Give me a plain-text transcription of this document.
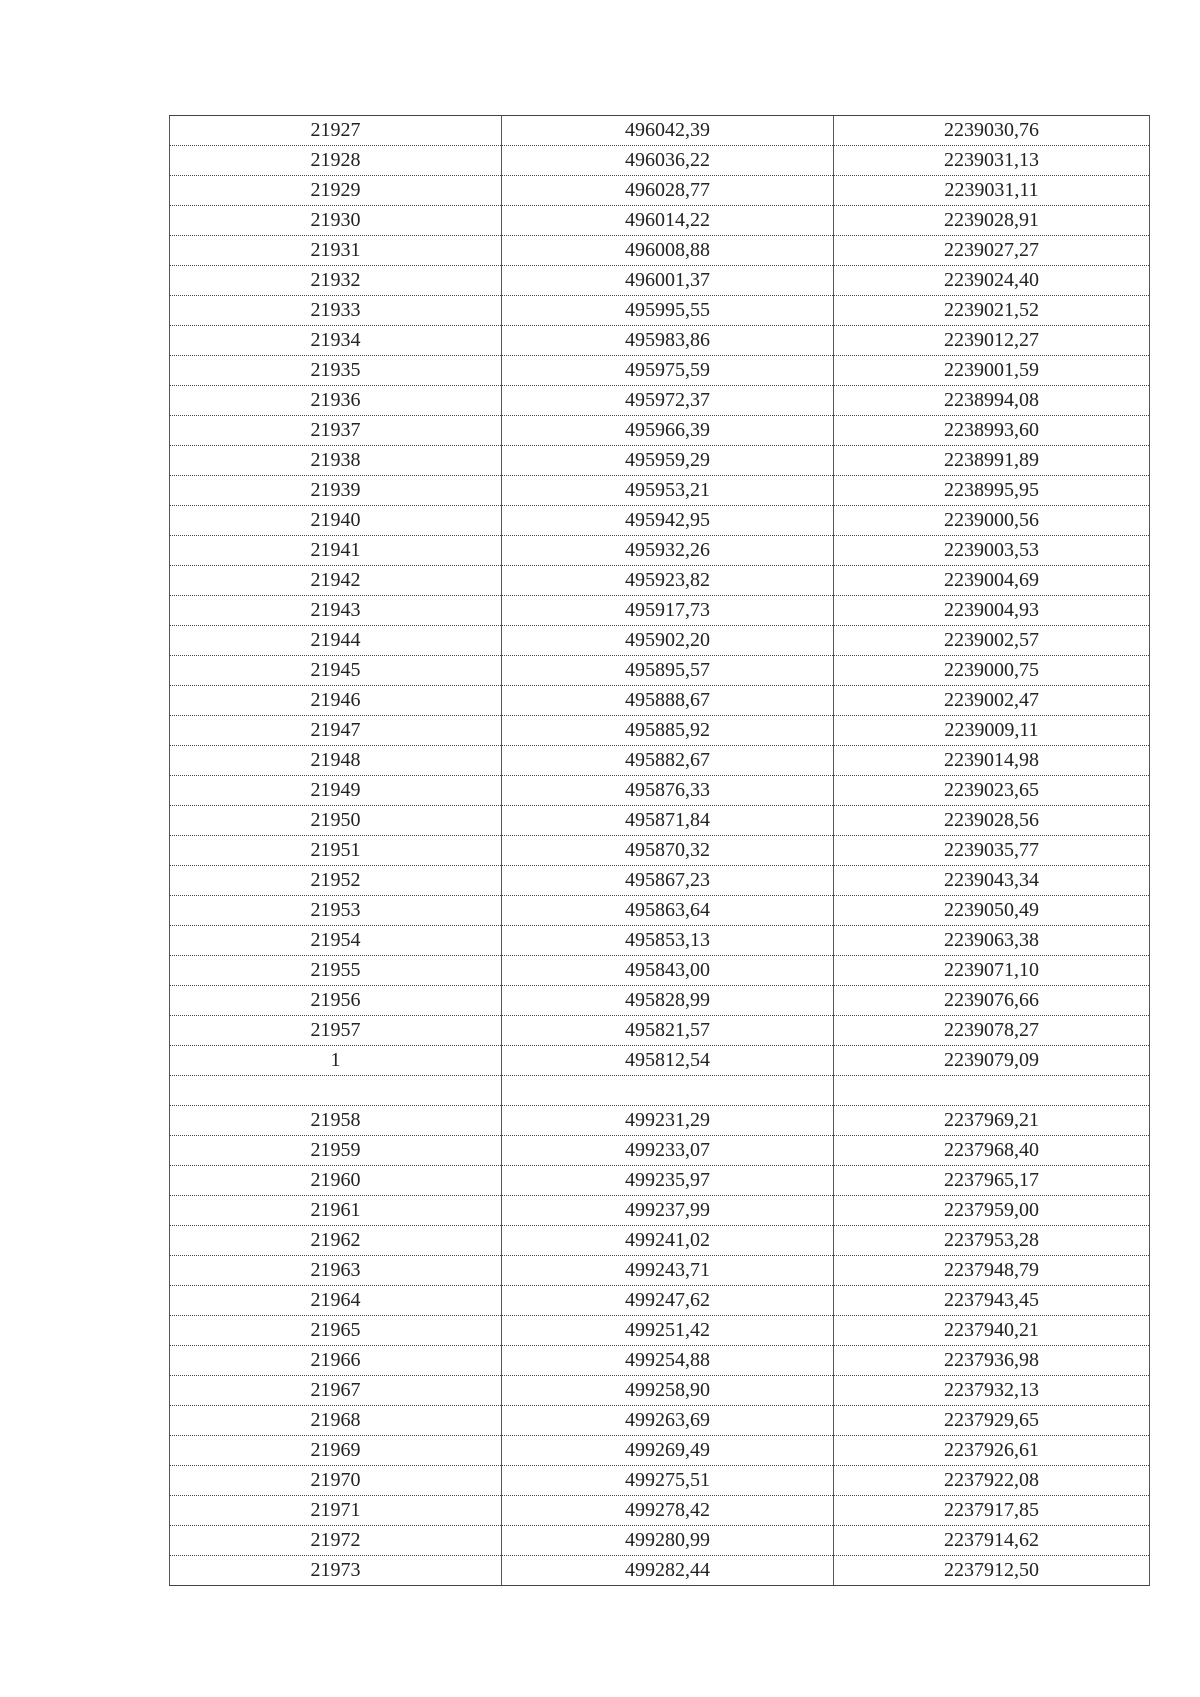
21927	496042,39	2239030,76
21928	496036,22	2239031,13
21929	496028,77	2239031,11
21930	496014,22	2239028,91
21931	496008,88	2239027,27
21932	496001,37	2239024,40
21933	495995,55	2239021,52
21934	495983,86	2239012,27
21935	495975,59	2239001,59
21936	495972,37	2238994,08
21937	495966,39	2238993,60
21938	495959,29	2238991,89
21939	495953,21	2238995,95
21940	495942,95	2239000,56
21941	495932,26	2239003,53
21942	495923,82	2239004,69
21943	495917,73	2239004,93
21944	495902,20	2239002,57
21945	495895,57	2239000,75
21946	495888,67	2239002,47
21947	495885,92	2239009,11
21948	495882,67	2239014,98
21949	495876,33	2239023,65
21950	495871,84	2239028,56
21951	495870,32	2239035,77
21952	495867,23	2239043,34
21953	495863,64	2239050,49
21954	495853,13	2239063,38
21955	495843,00	2239071,10
21956	495828,99	2239076,66
21957	495821,57	2239078,27
1	495812,54	2239079,09

21958	499231,29	2237969,21
21959	499233,07	2237968,40
21960	499235,97	2237965,17
21961	499237,99	2237959,00
21962	499241,02	2237953,28
21963	499243,71	2237948,79
21964	499247,62	2237943,45
21965	499251,42	2237940,21
21966	499254,88	2237936,98
21967	499258,90	2237932,13
21968	499263,69	2237929,65
21969	499269,49	2237926,61
21970	499275,51	2237922,08
21971	499278,42	2237917,85
21972	499280,99	2237914,62
21973	499282,44	2237912,50
